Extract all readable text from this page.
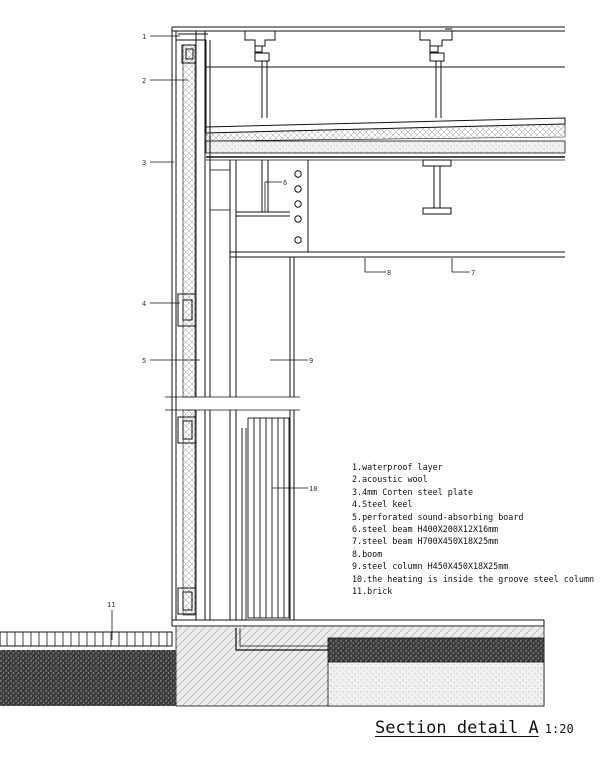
1
2
3
4
5
6
7
8
9
10
11
1.waterproof layer
2.acoustic wool
3.4mm Corten steel plate
4.Steel keel
5.perforated sound-absorbing board
6.steel beam H400X200X12X16mm
7.steel beam H700X450X18X25mm
8.boom
9.steel column H450X450X18X25mm
10.the heating is inside the groove steel column
11.brick
Section detail A 1:20
